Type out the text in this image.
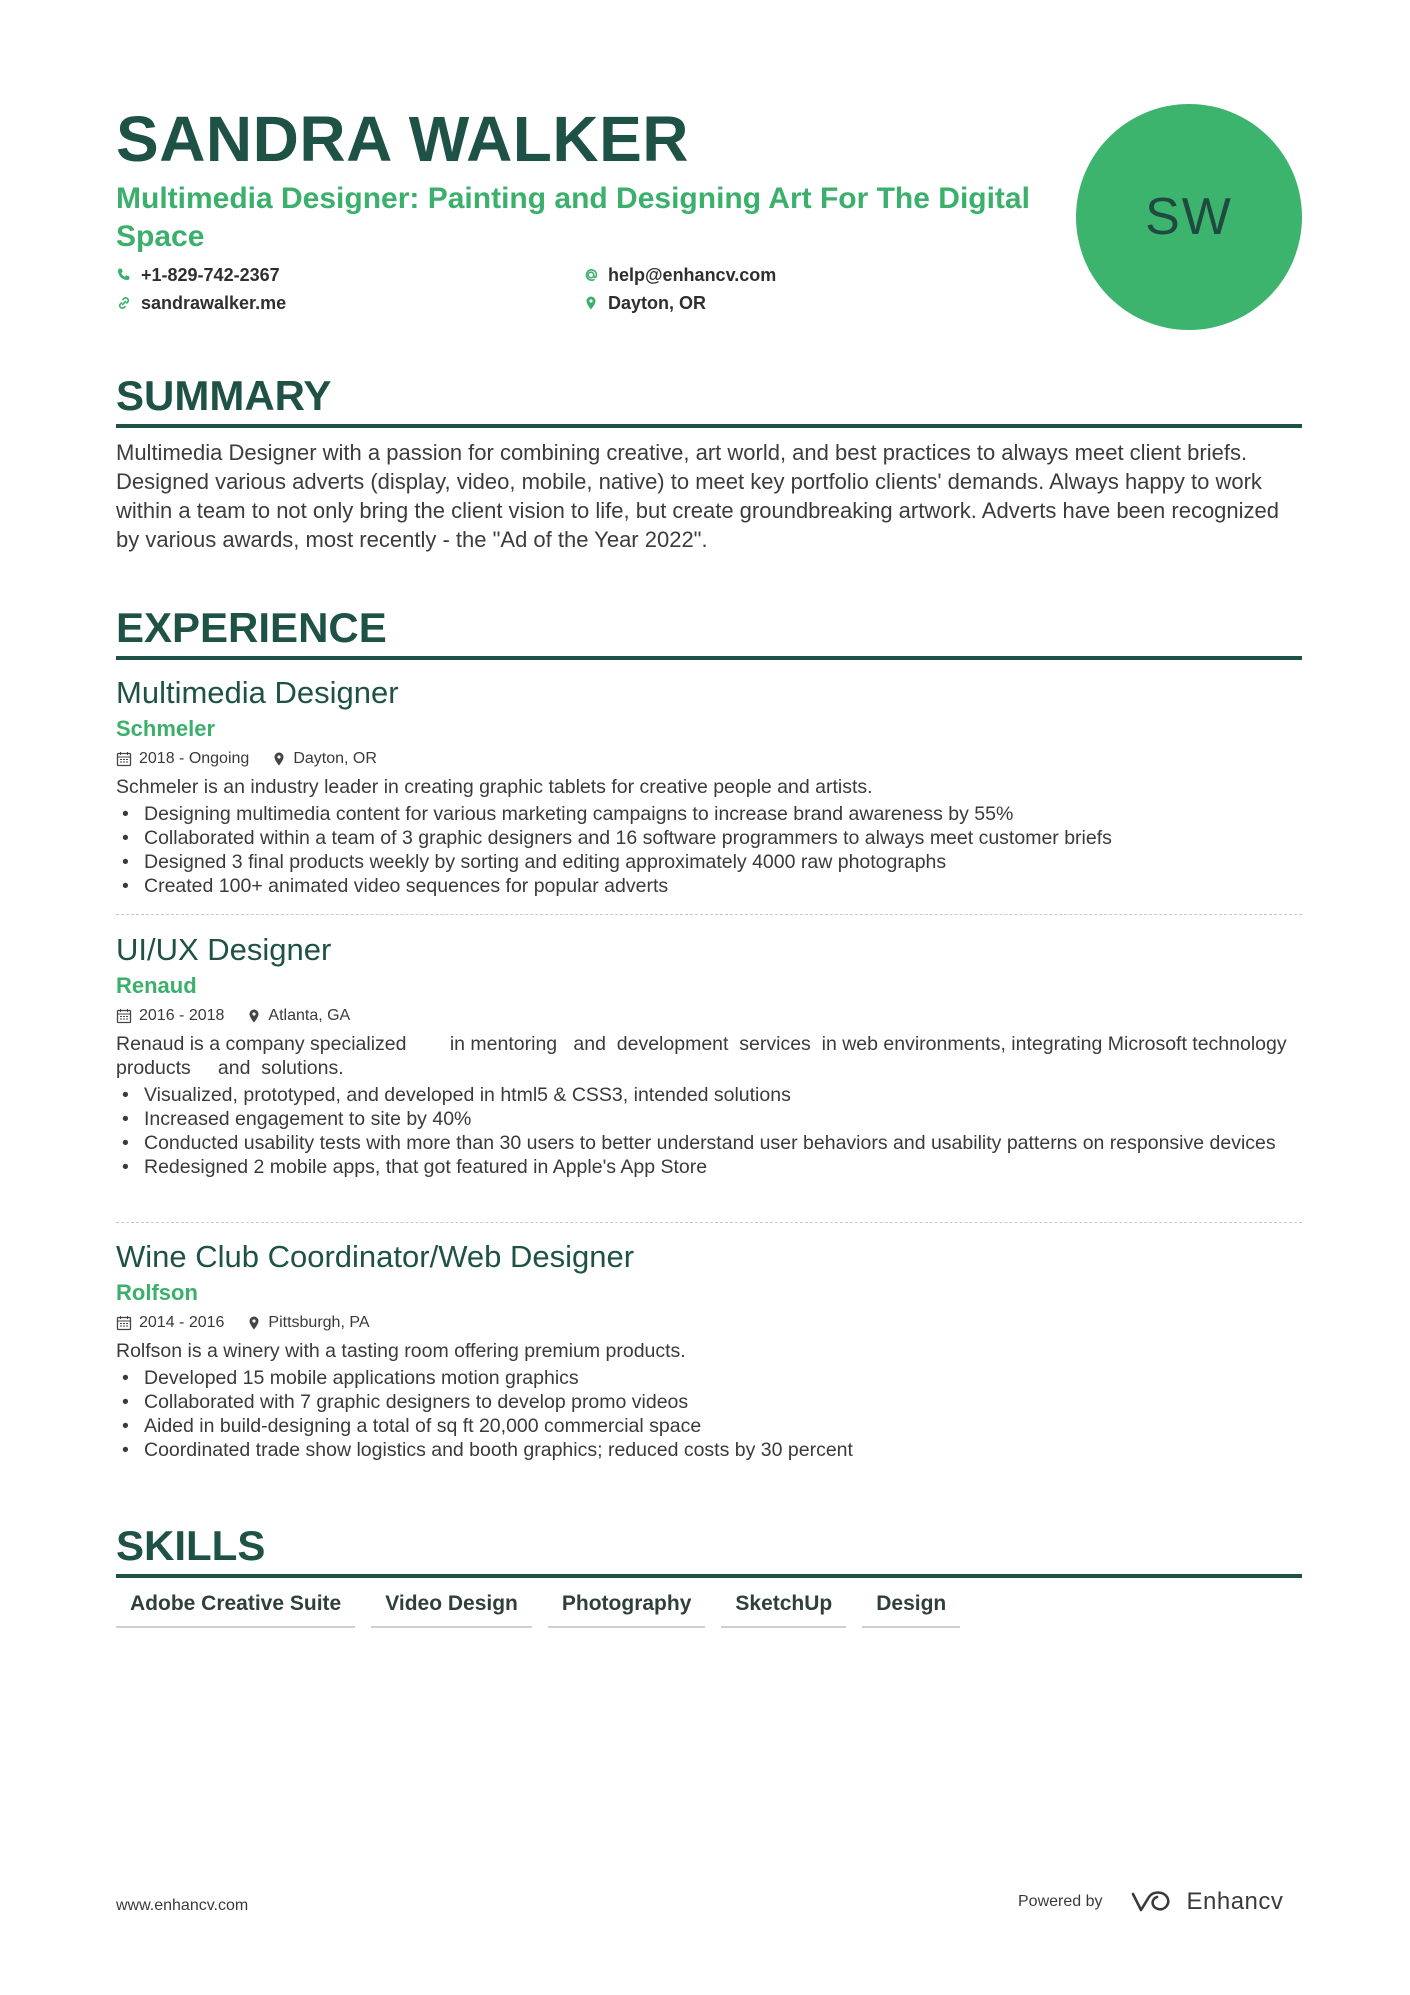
SANDRA WALKER
Multimedia Designer: Painting and Designing Art For The Digital Space
+1-829-742-2367	help@enhancv.com
sandrawalker.me	Dayton, OR
SW
SUMMARY
Multimedia Designer with a passion for combining creative, art world, and best practices to always meet client briefs. Designed various adverts (display, video, mobile, native) to meet key portfolio clients' demands. Always happy to work within a team to not only bring the client vision to life, but create groundbreaking artwork. Adverts have been recognized by various awards, most recently - the "Ad of the Year 2022".
EXPERIENCE
Multimedia Designer
Schmeler
2018 - Ongoing	Dayton, OR
Schmeler is an industry leader in creating graphic tablets for creative people and artists.
• Designing multimedia content for various marketing campaigns to increase brand awareness by 55%
• Collaborated within a team of 3 graphic designers and 16 software programmers to always meet customer briefs
• Designed 3 final products weekly by sorting and editing approximately 4000 raw photographs
• Created 100+ animated video sequences for popular adverts
UI/UX Designer
Renaud
2016 - 2018	Atlanta, GA
Renaud is a company specialized        in mentoring   and  development  services  in web environments, integrating Microsoft technology products     and  solutions.
• Visualized, prototyped, and developed in html5 & CSS3, intended solutions
• Increased engagement to site by 40%
• Conducted usability tests with more than 30 users to better understand user behaviors and usability patterns on responsive devices
• Redesigned 2 mobile apps, that got featured in Apple's App Store
Wine Club Coordinator/Web Designer
Rolfson
2014 - 2016	Pittsburgh, PA
Rolfson is a winery with a tasting room offering premium products.
• Developed 15 mobile applications motion graphics
• Collaborated with 7 graphic designers to develop promo videos
• Aided in build-designing a total of sq ft 20,000 commercial space
• Coordinated trade show logistics and booth graphics; reduced costs by 30 percent
SKILLS
Adobe Creative Suite	Video Design	Photography	SketchUp	Design
www.enhancv.com	Powered by	Enhancv
